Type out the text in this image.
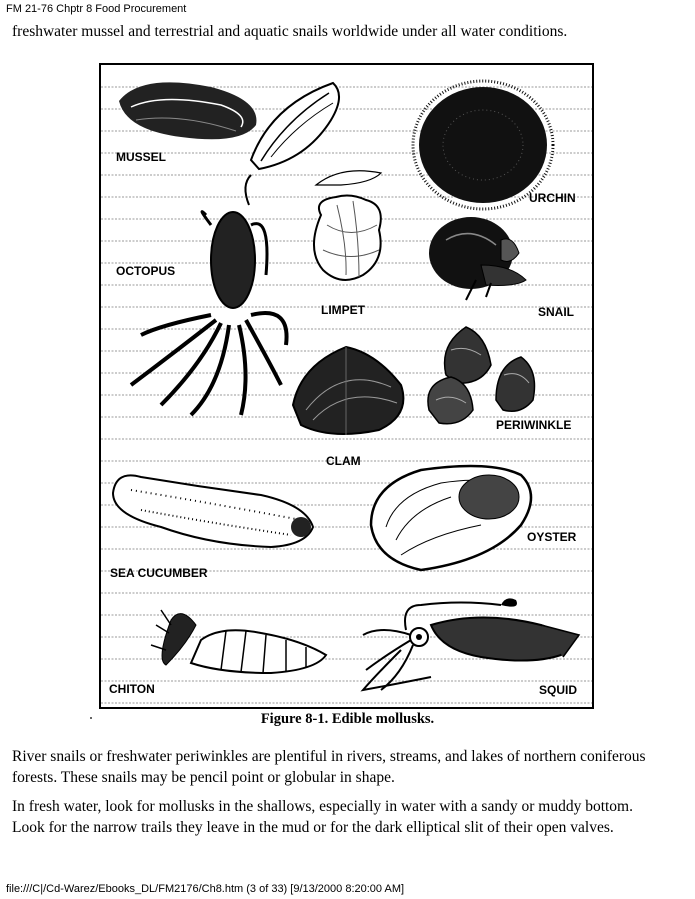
FM 21-76 Chptr 8 Food Procurement

freshwater mussel and terrestrial and aquatic snails worldwide under all water conditions.

MUSSEL
URCHIN
OCTOPUS
LIMPET	SNAIL
PERIWINKLE
CLAM
OYSTER
SEA CUCUMBER
CHITON	SQUID
Figure 8-1. Edible mollusks.

River snails or freshwater periwinkles are plentiful in rivers, streams, and lakes of northern coniferous

forests. These snails may be pencil point or globular in shape.

In fresh water, look for mollusks in the shallows, especially in water with a sandy or muddy bottom.

Look for the narrow trails they leave in the mud or for the dark elliptical slit of their open valves.

file:///C|/Cd-Warez/Ebooks_DL/FM2176/Ch8.htm (3 of 33) [9/13/2000 8:20:00 AM]
